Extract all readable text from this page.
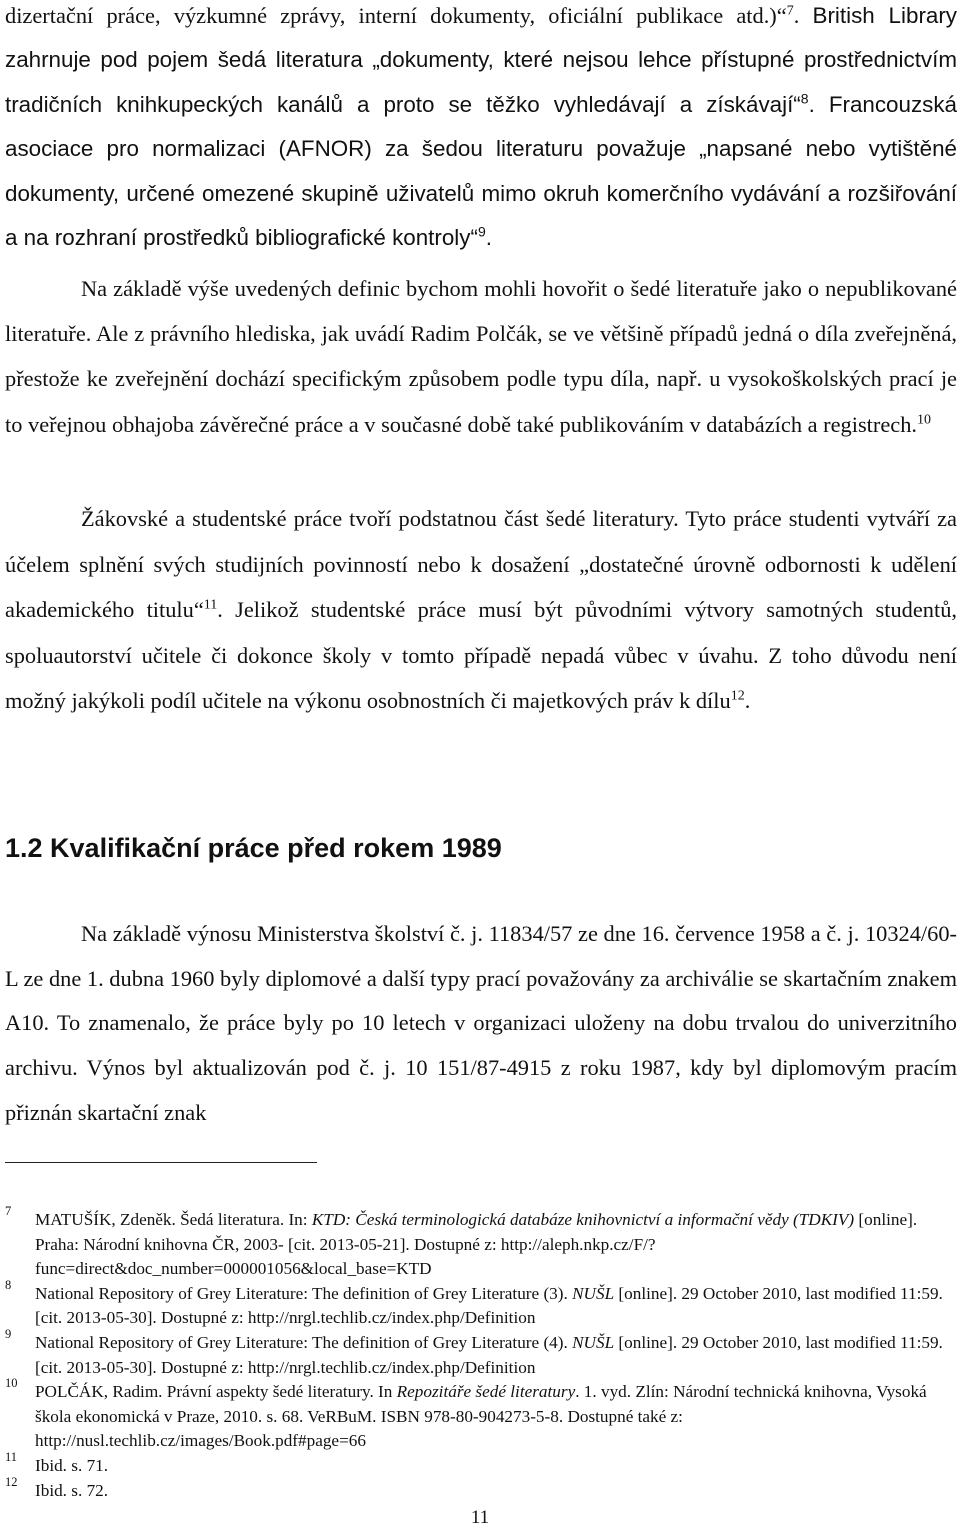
dizertační práce, výzkumné zprávy, interní dokumenty, oficiální publikace atd.)“$^7$. British Library zahrnuje pod pojem šedá literatura „dokumenty, které nejsou lehce přístupné prostřednictvím tradičních knihkupeckých kanálů a proto se těžko vyhledávají a získávají“$^8$. Francouzská asociace pro normalizaci (AFNOR) za šedou literaturu považuje „napsané nebo vytištěné dokumenty, určené omezené skupině uživatelů mimo okruh komerčního vydávání a rozšiřování a na rozhraní prostředků bibliografické kontroly“$^9$.

Na základě výše uvedených definic bychom mohli hovořit o šedé literatuře jako o nepublikované literatuře. Ale z právního hlediska, jak uvádí Radim Polčák, se ve většině případů jedná o díla zveřejněná, přestože ke zveřejnění dochází specifickým způsobem podle typu díla, např. u vysokoškolských prací je to veřejnou obhajoba závěrečné práce a v současné době také publikováním v databázích a registrech.$^{10}$

Žákovské a studentské práce tvoří podstatnou část šedé literatury. Tyto práce studenti vytváří za účelem splnění svých studijních povinností nebo k dosažení „dostatečné úrovně odbornosti k udělení akademického titulu“$^{11}$. Jelikož studentské práce musí být původními výtvory samotných studentů, spoluautorství učitele či dokonce školy v tomto případě nepadá vůbec v úvahu. Z toho důvodu není možný jakýkoli podíl učitele na výkonu osobnostních či majetkových práv k dílu$^{12}$.

1.2 Kvalifikační práce před rokem 1989

Na základě výnosu Ministerstva školství č. j. 11834/57 ze dne 16. července 1958 a č. j. 10324/60-L ze dne 1. dubna 1960 byly diplomové a další typy prací považovány za archiválie se skartačním znakem A10. To znamenalo, že práce byly po 10 letech v organizaci uloženy na dobu trvalou do univerzitního archivu. Výnos byl aktualizován pod č. j. 10 151/87-4915 z roku 1987, kdy byl diplomovým pracím přiznán skartační znak

7 MATUŠÍK, Zdeněk. Šedá literatura. In: KTD: Česká terminologická databáze knihovnictví a informační vědy (TDKIV) [online]. Praha: Národní knihovna ČR, 2003- [cit. 2013-05-21]. Dostupné z: http://aleph.nkp.cz/F/?func=direct&doc_number=000001056&local_base=KTD

8 National Repository of Grey Literature: The definition of Grey Literature (3). NUŠL [online]. 29 October 2010, last modified 11:59. [cit. 2013-05-30]. Dostupné z: http://nrgl.techlib.cz/index.php/Definition

9 National Repository of Grey Literature: The definition of Grey Literature (4). NUŠL [online]. 29 October 2010, last modified 11:59. [cit. 2013-05-30]. Dostupné z: http://nrgl.techlib.cz/index.php/Definition

10 POLČÁK, Radim. Právní aspekty šedé literatury. In Repozitáře šedé literatury. 1. vyd. Zlín: Národní technická knihovna, Vysoká škola ekonomická v Praze, 2010. s. 68. VeRBuM. ISBN 978-80-904273-5-8. Dostupné také z: http://nusl.techlib.cz/images/Book.pdf#page=66

11 Ibid. s. 71.

12 Ibid. s. 72.

11
